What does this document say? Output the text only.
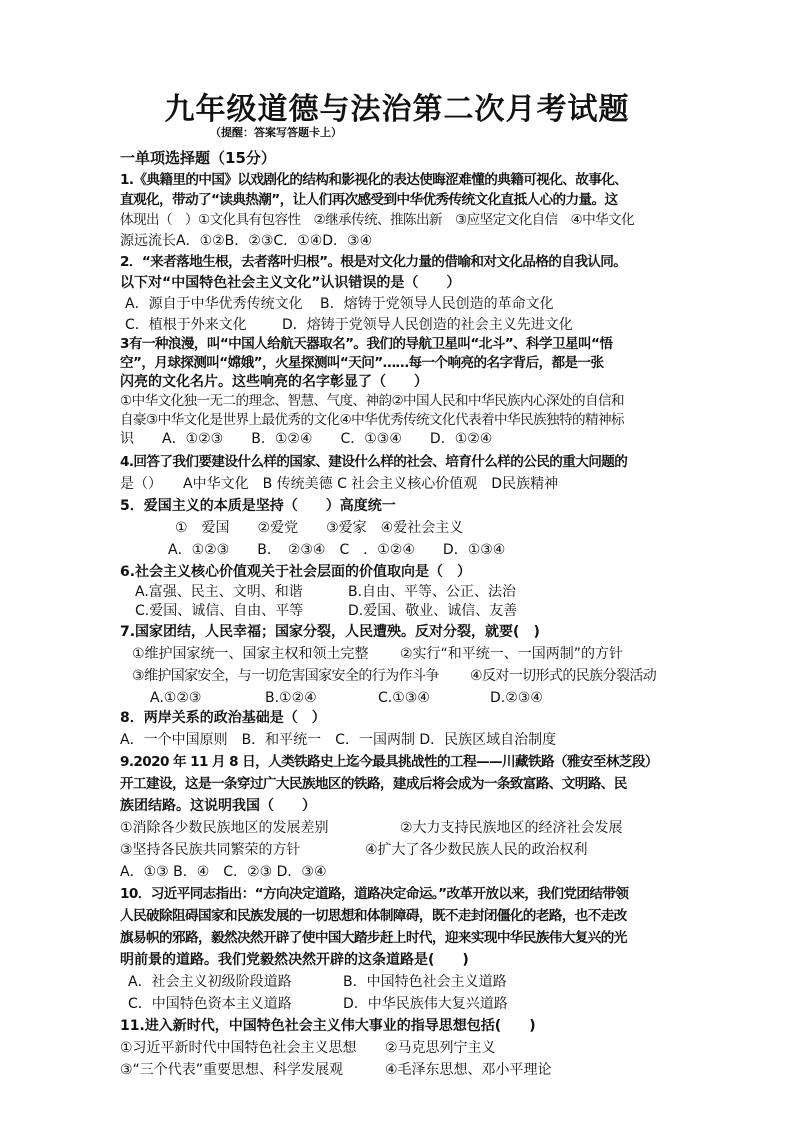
九年级道德与法治第二次月考试题
（提醒：答案写答题卡上）
一单项选择题（15分）
1.《典籍里的中国》以戏剧化的结构和影视化的表达使晦涩难懂的典籍可视化、故事化、
直观化，带动了“读典热潮”，让人们再次感受到中华优秀传统文化直抵人心的力量。这
体现出（　）①文化具有包容性　②继承传统、推陈出新　③应坚定文化自信　④中华文化
源远流长A．①②B．②③C．①④D．③④
2．“来者落地生根，去者落叶归根”。根是对文化力量的借喻和对文化品格的自我认同。
以下对“中国特色社会主义文化”认识错误的是（　　）
A．源自于中华优秀传统文化 B．熔铸于党领导人民创造的革命文化
C．植根于外来文化	D．熔铸于党领导人民创造的社会主义先进文化
3有一种浪漫，叫“中国人给航天器取名”。我们的导航卫星叫“北斗”、科学卫星叫“悟
空”，月球探测叫“嫦娥”，火星探测叫“天问”……每一个响亮的名字背后，都是一张
闪亮的文化名片。这些响亮的名字彰显了（　　）
①中华文化独一无二的理念、智慧、气度、神韵②中国人民和中华民族内心深处的自信和
自豪③中华文化是世界上最优秀的文化④中华优秀传统文化代表着中华民族独特的精神标
识　　A．①②③　　B．①②④　　C．①③④　　D．①②④
4.回答了我们要建设什么样的国家、建设什么样的社会、培育什么样的公民的重大问题的
是（）　　A中华文化　B 传统美德 C 社会主义核心价值观　D民族精神
5．爱国主义的本质是坚持（　　）高度统一
①　爱国　　②爱党　　③爱家　④爱社会主义
A．①②③　　B．　②③④　C　．①②④　　D．①③④
6.社会主义核心价值观关于社会层面的价值取向是（　）
A.富强、民主、文明、和谐	B.自由、平等、公正、法治
C.爱国、诚信、自由、平等	D.爱国、敬业、诚信、友善
7.国家团结，人民幸福；国家分裂，人民遭殃。反对分裂，就要(　)
①维护国家统一、国家主权和领土完整 ②实行“和平统一、一国两制”的方针
③维护国家安全，与一切危害国家安全的行为作斗争 ④反对一切形式的民族分裂活动
A.①②③	B.①②④	C.①③④	D.②③④
8．两岸关系的政治基础是（　）
A．一个中国原则　B．和平统一　C．一国两制 D．民族区域自治制度
9.2020 年 11 月 8 日，人类铁路史上迄今最具挑战性的工程——川藏铁路（雅安至林芝段）
开工建设，这是一条穿过广大民族地区的铁路，建成后将会成为一条致富路、文明路、民
族团结路。这说明我国（　　）
①消除各少数民族地区的发展差别	②大力支持民族地区的经济社会发展
③坚持各民族共同繁荣的方针	④扩大了各少数民族人民的政治权利
A．①③ B．④　C．②③ D．③④
10．习近平同志指出：“方向决定道路，道路决定命运。”改革开放以来，我们党团结带领
人民破除阻碍国家和民族发展的一切思想和体制障碍，既不走封闭僵化的老路，也不走改
旗易帜的邪路，毅然决然开辟了使中国大踏步赶上时代，迎来实现中华民族伟大复兴的光
明前景的道路。我们党毅然决然开辟的这条道路是(　　)
A．社会主义初级阶段道路	B．中国特色社会主义道路
C．中国特色资本主义道路	D．中华民族伟大复兴道路
11.进入新时代，中国特色社会主义伟大事业的指导思想包括(　　)
①习近平新时代中国特色社会主义思想 ②马克思列宁主义
③“三个代表”重要思想、科学发展观	④毛泽东思想、邓小平理论
